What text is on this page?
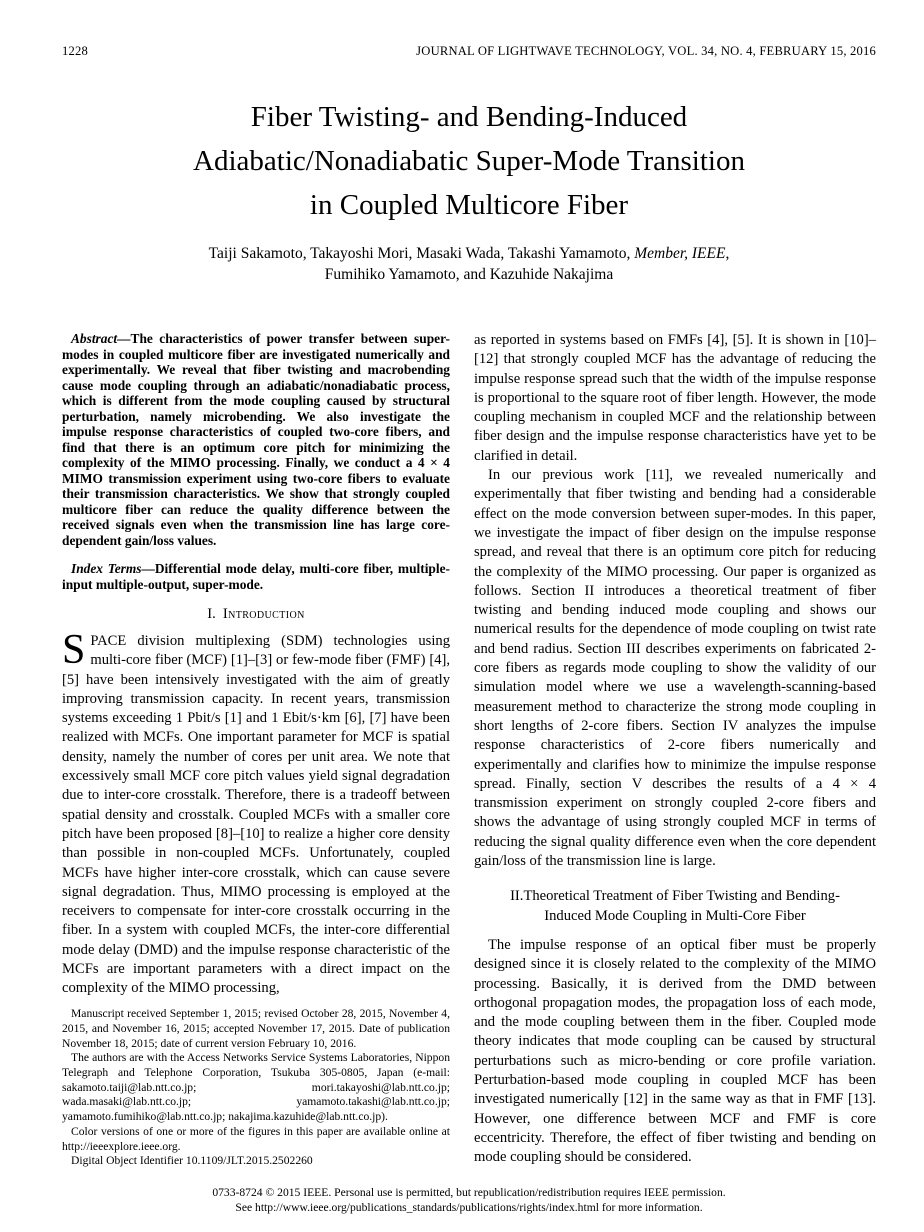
1228	JOURNAL OF LIGHTWAVE TECHNOLOGY, VOL. 34, NO. 4, FEBRUARY 15, 2016
Fiber Twisting- and Bending-Induced
Adiabatic/Nonadiabatic Super-Mode Transition
in Coupled Multicore Fiber
Taiji Sakamoto, Takayoshi Mori, Masaki Wada, Takashi Yamamoto, Member, IEEE,
Fumihiko Yamamoto, and Kazuhide Nakajima

Abstract—The characteristics of power transfer between super-modes in coupled multicore fiber are investigated numerically and experimentally. We reveal that fiber twisting and macrobending cause mode coupling through an adiabatic/nonadiabatic process, which is different from the mode coupling caused by structural perturbation, namely microbending. We also investigate the impulse response characteristics of coupled two-core fibers, and find that there is an optimum core pitch for minimizing the complexity of the MIMO processing. Finally, we conduct a 4 × 4 MIMO transmission experiment using two-core fibers to evaluate their transmission characteristics. We show that strongly coupled multicore fiber can reduce the quality difference between the received signals even when the transmission line has large core-dependent gain/loss values.

Index Terms—Differential mode delay, multi-core fiber, multiple-input multiple-output, super-mode.

I. Introduction

SPACE division multiplexing (SDM) technologies using multi-core fiber (MCF) [1]–[3] or few-mode fiber (FMF) [4], [5] have been intensively investigated with the aim of greatly improving transmission capacity. In recent years, transmission systems exceeding 1 Pbit/s [1] and 1 Ebit/s·km [6], [7] have been realized with MCFs. One important parameter for MCF is spatial density, namely the number of cores per unit area. We note that excessively small MCF core pitch values yield signal degradation due to inter-core crosstalk. Therefore, there is a tradeoff between spatial density and crosstalk. Coupled MCFs with a smaller core pitch have been proposed [8]–[10] to realize a higher core density than possible in non-coupled MCFs. Unfortunately, coupled MCFs have higher inter-core crosstalk, which can cause severe signal degradation. Thus, MIMO processing is employed at the receivers to compensate for inter-core crosstalk occurring in the fiber. In a system with coupled MCFs, the inter-core differential mode delay (DMD) and the impulse response characteristic of the MCFs are important parameters with a direct impact on the complexity of the MIMO processing,

Manuscript received September 1, 2015; revised October 28, 2015, November 4, 2015, and November 16, 2015; accepted November 17, 2015. Date of publication November 18, 2015; date of current version February 10, 2016.

The authors are with the Access Networks Service Systems Laboratories, Nippon Telegraph and Telephone Corporation, Tsukuba 305-0805, Japan (e-mail: sakamoto.taiji@lab.ntt.co.jp; mori.takayoshi@lab.ntt.co.jp; wada.masaki@lab.ntt.co.jp; yamamoto.takashi@lab.ntt.co.jp; yamamoto.fumihiko@lab.ntt.co.jp; nakajima.kazuhide@lab.ntt.co.jp).

Color versions of one or more of the figures in this paper are available online at http://ieeexplore.ieee.org.

Digital Object Identifier 10.1109/JLT.2015.2502260

as reported in systems based on FMFs [4], [5]. It is shown in [10]–[12] that strongly coupled MCF has the advantage of reducing the impulse response spread such that the width of the impulse response is proportional to the square root of fiber length. However, the mode coupling mechanism in coupled MCF and the relationship between fiber design and the impulse response characteristics have yet to be clarified in detail.

In our previous work [11], we revealed numerically and experimentally that fiber twisting and bending had a considerable effect on the mode conversion between super-modes. In this paper, we investigate the impact of fiber design on the impulse response spread, and reveal that there is an optimum core pitch for reducing the complexity of the MIMO processing. Our paper is organized as follows. Section II introduces a theoretical treatment of fiber twisting and bending induced mode coupling and shows our numerical results for the dependence of mode coupling on twist rate and bend radius. Section III describes experiments on fabricated 2-core fibers as regards mode coupling to show the validity of our simulation model where we use a wavelength-scanning-based measurement method to characterize the strong mode coupling in short lengths of 2-core fibers. Section IV analyzes the impulse response characteristics of 2-core fibers numerically and experimentally and clarifies how to minimize the impulse response spread. Finally, section V describes the results of a 4 × 4 transmission experiment on strongly coupled 2-core fibers and shows the advantage of using strongly coupled MCF in terms of reducing the signal quality difference even when the core dependent gain/loss of the transmission line is large.

II.Theoretical Treatment of Fiber Twisting and Bending-Induced Mode Coupling in Multi-Core Fiber

The impulse response of an optical fiber must be properly designed since it is closely related to the complexity of the MIMO processing. Basically, it is derived from the DMD between orthogonal propagation modes, the propagation loss of each mode, and the mode coupling between them in the fiber. Coupled mode theory indicates that mode coupling can be caused by structural perturbations such as micro-bending or core profile variation. Perturbation-based mode coupling in coupled MCF has been investigated numerically [12] in the same way as that in FMF [13]. However, one difference between MCF and FMF is core eccentricity. Therefore, the effect of fiber twisting and bending on mode coupling should be considered.

0733-8724 © 2015 IEEE. Personal use is permitted, but republication/redistribution requires IEEE permission.
See http://www.ieee.org/publications_standards/publications/rights/index.html for more information.
